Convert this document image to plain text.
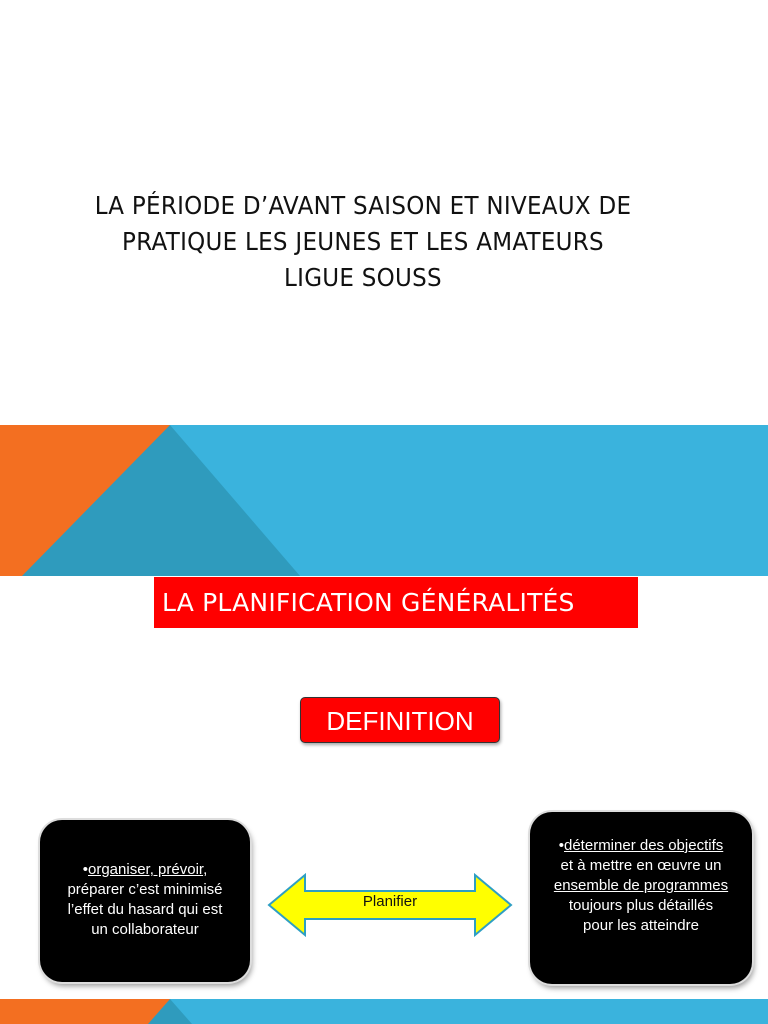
LA PÉRIODE D’AVANT SAISON ET NIVEAUX DE
PRATIQUE LES JEUNES ET LES AMATEURS
LIGUE SOUSS
LA PLANIFICATION GÉNÉRALITÉS
DEFINITION
•organiser, prévoir,
préparer c’est minimisé
l’effet du hasard qui est
un collaborateur
Planifier
•déterminer des objectifs
et à mettre en œuvre un
ensemble de programmes
toujours plus détaillés
pour les atteindre
